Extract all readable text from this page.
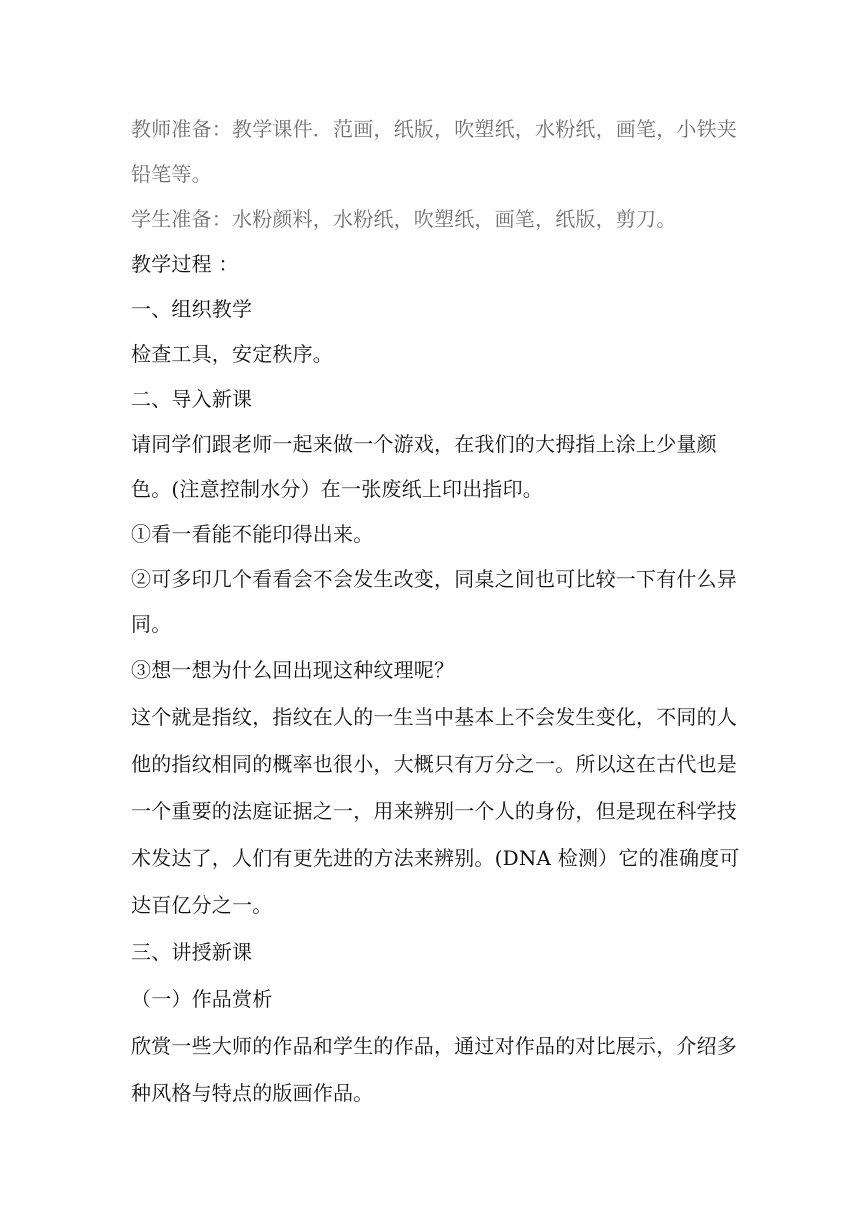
教师准备：教学课件．范画，纸版，吹塑纸，水粉纸，画笔，小铁夹
铅笔等。
学生准备：水粉颜料，水粉纸，吹塑纸，画笔，纸版，剪刀。
教学过程 ：
一、组织教学
检查工具，安定秩序。
二、导入新课
请同学们跟老师一起来做一个游戏，在我们的大拇指上涂上少量颜
色。(注意控制水分）在一张废纸上印出指印。
①看一看能不能印得出来。
②可多印几个看看会不会发生改变，同桌之间也可比较一下有什么异
同。
③想一想为什么回出现这种纹理呢？
这个就是指纹，指纹在人的一生当中基本上不会发生变化，不同的人
他的指纹相同的概率也很小，大概只有万分之一。所以这在古代也是
一个重要的法庭证据之一，用来辨别一个人的身份，但是现在科学技
术发达了，人们有更先进的方法来辨别。(DNA 检测）它的准确度可
达百亿分之一。
三、讲授新课
（一）作品赏析
欣赏一些大师的作品和学生的作品，通过对作品的对比展示，介绍多
种风格与特点的版画作品。
